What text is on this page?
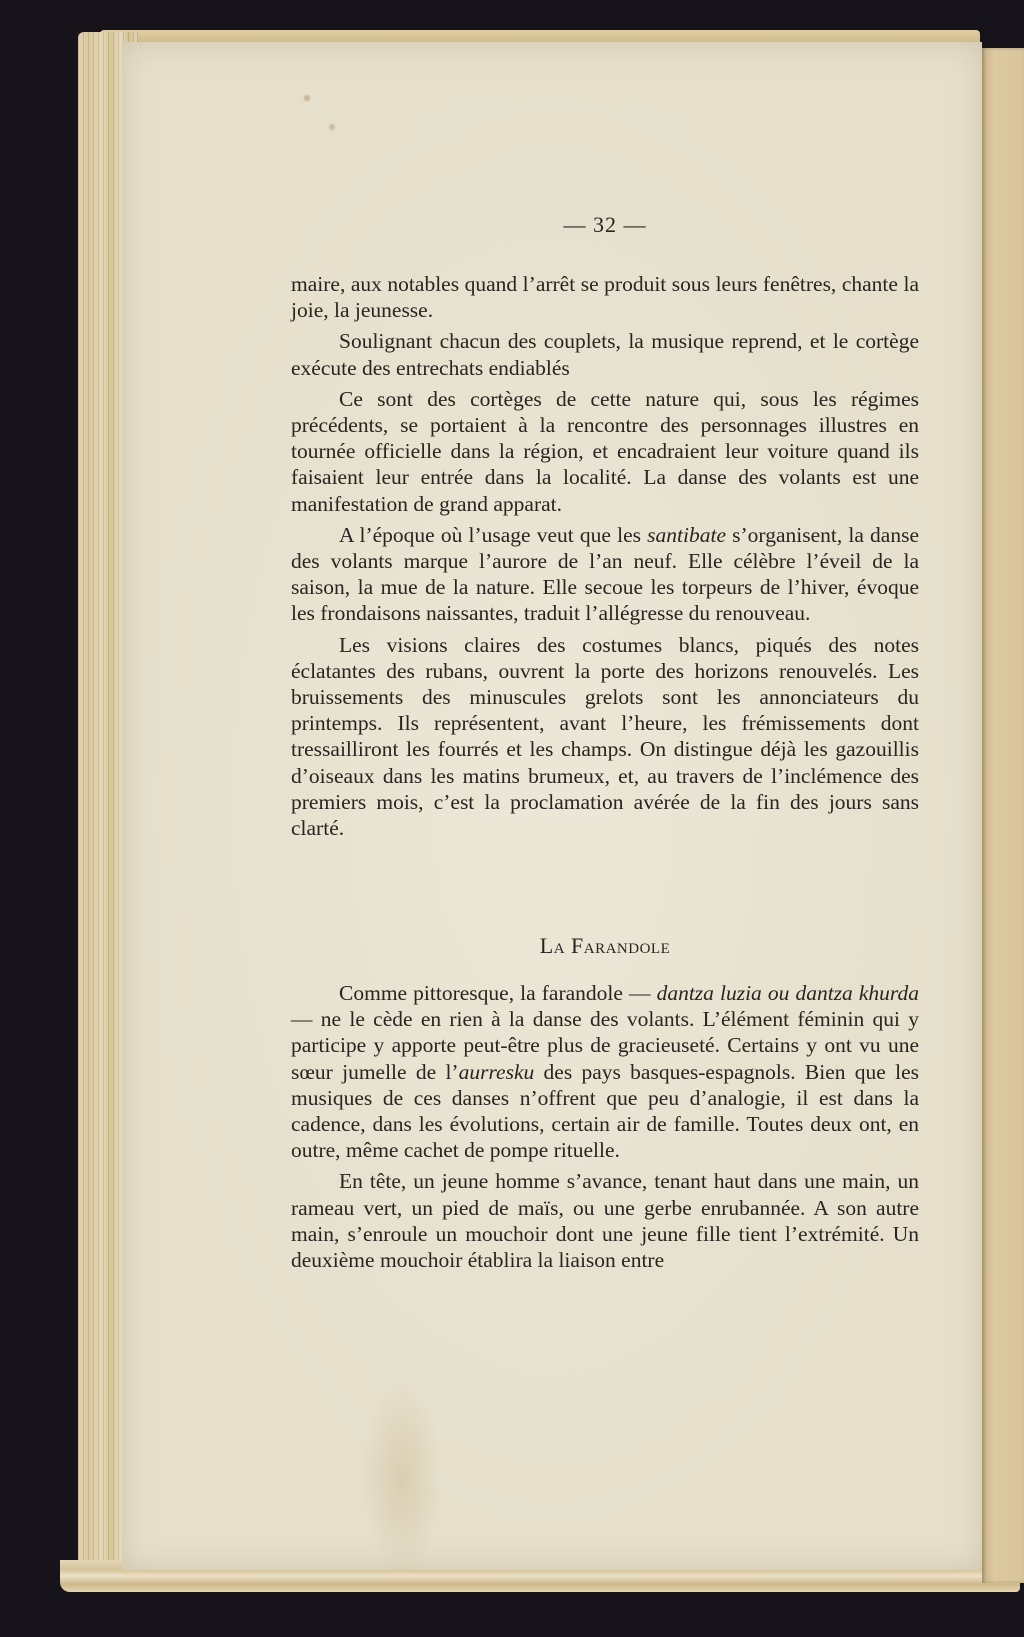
— 32 —

maire, aux notables quand l’arrêt se produit sous leurs fenêtres, chante la joie, la jeunesse.

Soulignant chacun des couplets, la musique reprend, et le cortège exécute des entrechats endiablés

Ce sont des cortèges de cette nature qui, sous les régimes précédents, se portaient à la rencontre des personnages illustres en tournée officielle dans la région, et encadraient leur voiture quand ils faisaient leur entrée dans la localité. La danse des volants est une manifestation de grand apparat.

A l’époque où l’usage veut que les santibate s’organisent, la danse des volants marque l’aurore de l’an neuf. Elle célèbre l’éveil de la saison, la mue de la nature. Elle secoue les torpeurs de l’hiver, évoque les frondaisons naissantes, traduit l’allégresse du renouveau.

Les visions claires des costumes blancs, piqués des notes éclatantes des rubans, ouvrent la porte des horizons renouvelés. Les bruissements des minuscules grelots sont les annonciateurs du printemps. Ils représentent, avant l’heure, les frémissements dont tressailliront les fourrés et les champs. On distingue déjà les gazouillis d’oiseaux dans les matins brumeux, et, au travers de l’inclémence des premiers mois, c’est la proclamation avérée de la fin des jours sans clarté.

La Farandole

Comme pittoresque, la farandole — dantza luzia ou dantza khurda — ne le cède en rien à la danse des volants. L’élément féminin qui y participe y apporte peut-être plus de gracieuseté. Certains y ont vu une sœur jumelle de l’aurresku des pays basques-espagnols. Bien que les musiques de ces danses n’offrent que peu d’analogie, il est dans la cadence, dans les évolutions, certain air de famille. Toutes deux ont, en outre, même cachet de pompe rituelle.

En tête, un jeune homme s’avance, tenant haut dans une main, un rameau vert, un pied de maïs, ou une gerbe enrubannée. A son autre main, s’enroule un mouchoir dont une jeune fille tient l’extrémité. Un deuxième mouchoir établira la liaison entre
